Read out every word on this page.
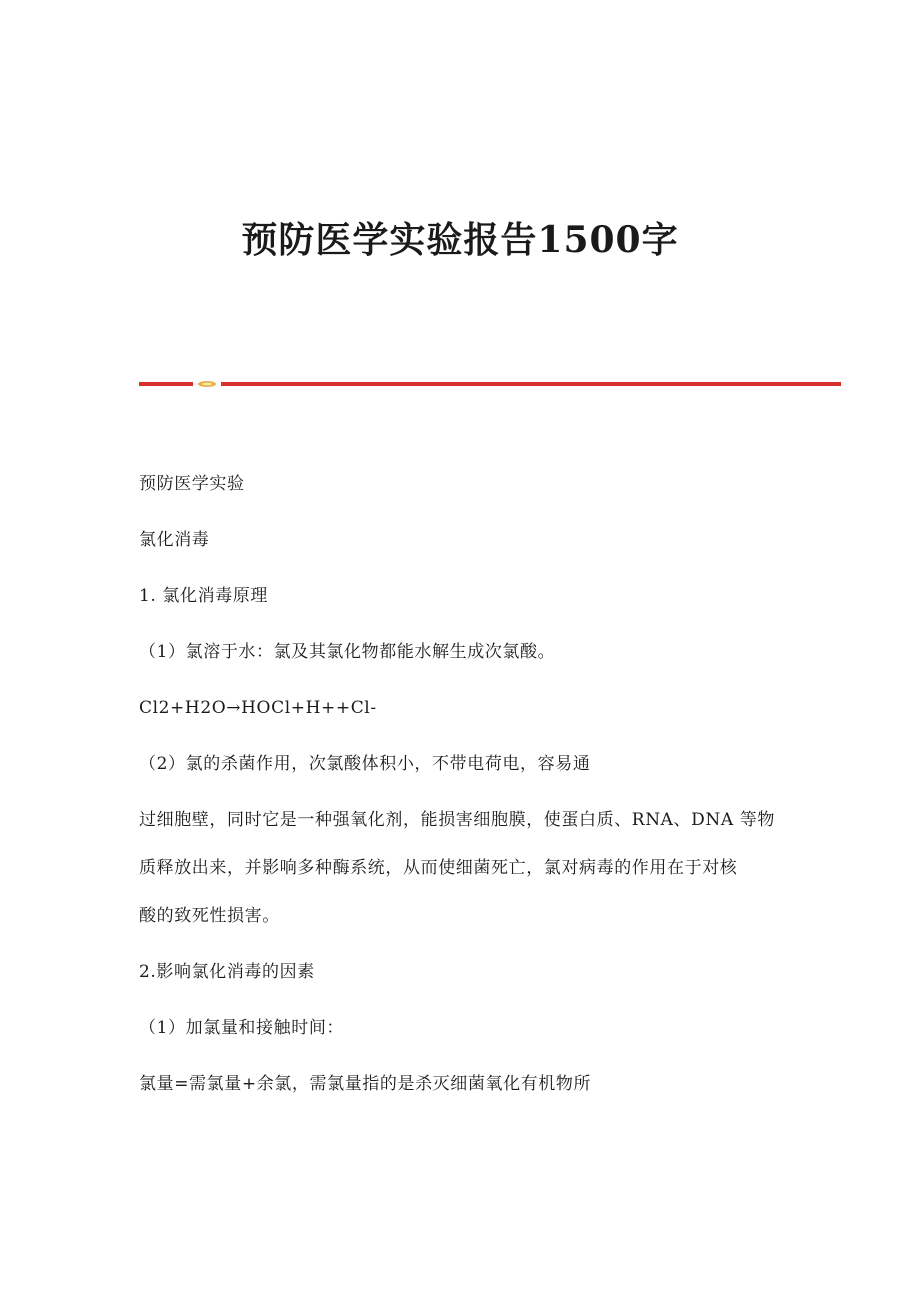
预防医学实验报告1500字

预防医学实验

氯化消毒

1. 氯化消毒原理

（1）氯溶于水：氯及其氯化物都能水解生成次氯酸。

Cl2+H2O→HOCl+H++Cl-

（2）氯的杀菌作用，次氯酸体积小，不带电荷电，容易通

过细胞壁，同时它是一种强氧化剂，能损害细胞膜，使蛋白质、RNA、DNA 等物

质释放出来，并影响多种酶系统，从而使细菌死亡，氯对病毒的作用在于对核

酸的致死性损害。

2.影响氯化消毒的因素

（1）加氯量和接触时间：

氯量=需氯量+余氯，需氯量指的是杀灭细菌氧化有机物所
